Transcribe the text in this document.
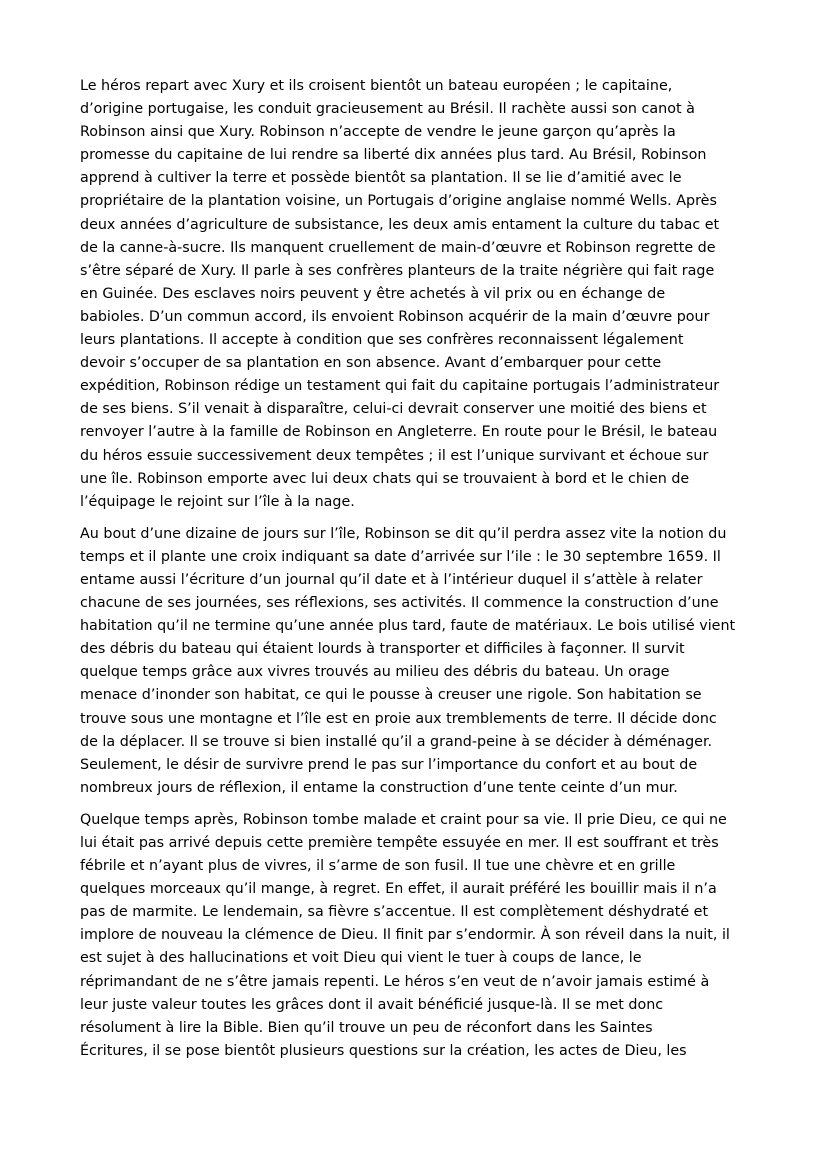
Le héros repart avec Xury et ils croisent bientôt un bateau européen ; le capitaine,
d’origine portugaise, les conduit gracieusement au Brésil. Il rachète aussi son canot à
Robinson ainsi que Xury. Robinson n’accepte de vendre le jeune garçon qu’après la
promesse du capitaine de lui rendre sa liberté dix années plus tard. Au Brésil, Robinson
apprend à cultiver la terre et possède bientôt sa plantation. Il se lie d’amitié avec le
propriétaire de la plantation voisine, un Portugais d’origine anglaise nommé Wells. Après
deux années d’agriculture de subsistance, les deux amis entament la culture du tabac et
de la canne-à-sucre. Ils manquent cruellement de main-d’œuvre et Robinson regrette de
s’être séparé de Xury. Il parle à ses confrères planteurs de la traite négrière qui fait rage
en Guinée. Des esclaves noirs peuvent y être achetés à vil prix ou en échange de
babioles. D’un commun accord, ils envoient Robinson acquérir de la main d’œuvre pour
leurs plantations. Il accepte à condition que ses confrères reconnaissent légalement
devoir s’occuper de sa plantation en son absence. Avant d’embarquer pour cette
expédition, Robinson rédige un testament qui fait du capitaine portugais l’administrateur
de ses biens. S’il venait à disparaître, celui-ci devrait conserver une moitié des biens et
renvoyer l’autre à la famille de Robinson en Angleterre. En route pour le Brésil, le bateau
du héros essuie successivement deux tempêtes ; il est l’unique survivant et échoue sur
une île. Robinson emporte avec lui deux chats qui se trouvaient à bord et le chien de
l’équipage le rejoint sur l’île à la nage.

Au bout d’une dizaine de jours sur l’île, Robinson se dit qu’il perdra assez vite la notion du
temps et il plante une croix indiquant sa date d’arrivée sur l’ile : le 30 septembre 1659. Il
entame aussi l’écriture d’un journal qu’il date et à l’intérieur duquel il s’attèle à relater
chacune de ses journées, ses réflexions, ses activités. Il commence la construction d’une
habitation qu’il ne termine qu’une année plus tard, faute de matériaux. Le bois utilisé vient
des débris du bateau qui étaient lourds à transporter et difficiles à façonner. Il survit
quelque temps grâce aux vivres trouvés au milieu des débris du bateau. Un orage
menace d’inonder son habitat, ce qui le pousse à creuser une rigole. Son habitation se
trouve sous une montagne et l’île est en proie aux tremblements de terre. Il décide donc
de la déplacer. Il se trouve si bien installé qu’il a grand-peine à se décider à déménager.
Seulement, le désir de survivre prend le pas sur l’importance du confort et au bout de
nombreux jours de réflexion, il entame la construction d’une tente ceinte d’un mur.

Quelque temps après, Robinson tombe malade et craint pour sa vie. Il prie Dieu, ce qui ne
lui était pas arrivé depuis cette première tempête essuyée en mer. Il est souffrant et très
fébrile et n’ayant plus de vivres, il s’arme de son fusil. Il tue une chèvre et en grille
quelques morceaux qu’il mange, à regret. En effet, il aurait préféré les bouillir mais il n’a
pas de marmite. Le lendemain, sa fièvre s’accentue. Il est complètement déshydraté et
implore de nouveau la clémence de Dieu. Il finit par s’endormir. À son réveil dans la nuit, il
est sujet à des hallucinations et voit Dieu qui vient le tuer à coups de lance, le
réprimandant de ne s’être jamais repenti. Le héros s’en veut de n’avoir jamais estimé à
leur juste valeur toutes les grâces dont il avait bénéficié jusque-là. Il se met donc
résolument à lire la Bible. Bien qu’il trouve un peu de réconfort dans les Saintes
Écritures, il se pose bientôt plusieurs questions sur la création, les actes de Dieu, les
